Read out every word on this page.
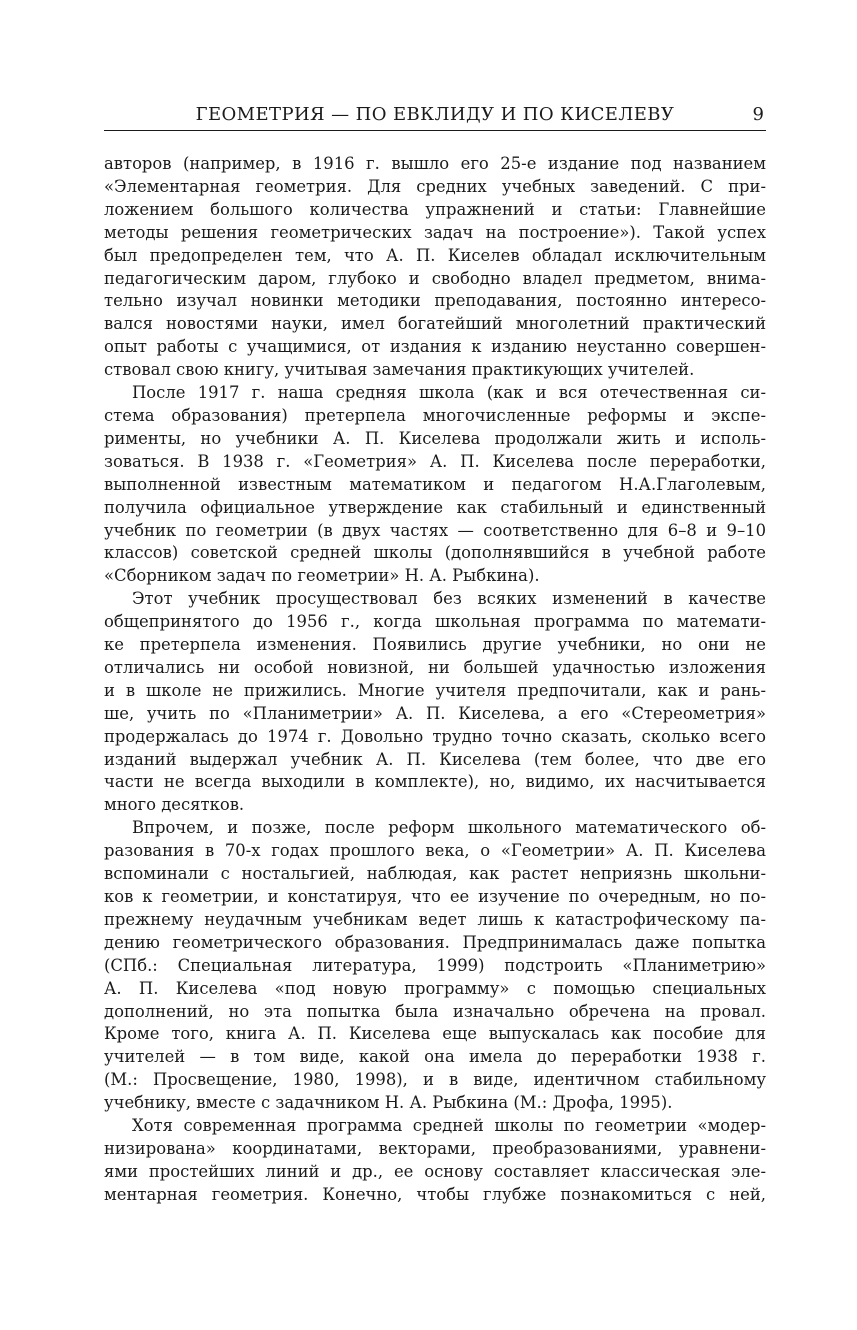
ГЕОМЕТРИЯ — ПО ЕВКЛИДУ И ПО КИСЕЛЕВУ	9

авторов (например, в 1916 г. вышло его 25-е издание под названием
«Элементарная геометрия. Для средних учебных заведений. С при-
ложением большого количества упражнений и статьи: Главнейшие
методы решения геометрических задач на построение»). Такой успех
был предопределен тем, что А. П. Киселев обладал исключительным
педагогическим даром, глубоко и свободно владел предметом, внима-
тельно изучал новинки методики преподавания, постоянно интересо-
вался новостями науки, имел богатейший многолетний практический
опыт работы с учащимися, от издания к изданию неустанно совершен-
ствовал свою книгу, учитывая замечания практикующих учителей.

После 1917 г. наша средняя школа (как и вся отечественная си-
стема образования) претерпела многочисленные реформы и экспе-
рименты, но учебники А. П. Киселева продолжали жить и исполь-
зоваться. В 1938 г. «Геометрия» А. П. Киселева после переработки,
выполненной известным математиком и педагогом Н.А.Глаголевым,
получила официальное утверждение как стабильный и единственный
учебник по геометрии (в двух частях — соответственно для 6–8 и 9–10
классов) советской средней школы (дополнявшийся в учебной работе
«Сборником задач по геометрии» Н. А. Рыбкина).

Этот учебник просуществовал без всяких изменений в качестве
общепринятого до 1956 г., когда школьная программа по математи-
ке претерпела изменения. Появились другие учебники, но они не
отличались ни особой новизной, ни большей удачностью изложения
и в школе не прижились. Многие учителя предпочитали, как и рань-
ше, учить по «Планиметрии» А. П. Киселева, а его «Стереометрия»
продержалась до 1974 г. Довольно трудно точно сказать, сколько всего
изданий выдержал учебник А. П. Киселева (тем более, что две его
части не всегда выходили в комплекте), но, видимо, их насчитывается
много десятков.

Впрочем, и позже, после реформ школьного математического об-
разования в 70-х годах прошлого века, о «Геометрии» А. П. Киселева
вспоминали с ностальгией, наблюдая, как растет неприязнь школьни-
ков к геометрии, и констатируя, что ее изучение по очередным, но по-
прежнему неудачным учебникам ведет лишь к катастрофическому па-
дению геометрического образования. Предпринималась даже попытка
(СПб.: Специальная литература, 1999) подстроить «Планиметрию»
А. П. Киселева «под новую программу» с помощью специальных
дополнений, но эта попытка была изначально обречена на провал.
Кроме того, книга А. П. Киселева еще выпускалась как пособие для
учителей — в том виде, какой она имела до переработки 1938 г.
(М.: Просвещение, 1980, 1998), и в виде, идентичном стабильному
учебнику, вместе с задачником Н. А. Рыбкина (М.: Дрофа, 1995).

Хотя современная программа средней школы по геометрии «модер-
низирована» координатами, векторами, преобразованиями, уравнени-
ями простейших линий и др., ее основу составляет классическая эле-
ментарная геометрия. Конечно, чтобы глубже познакомиться с ней,
